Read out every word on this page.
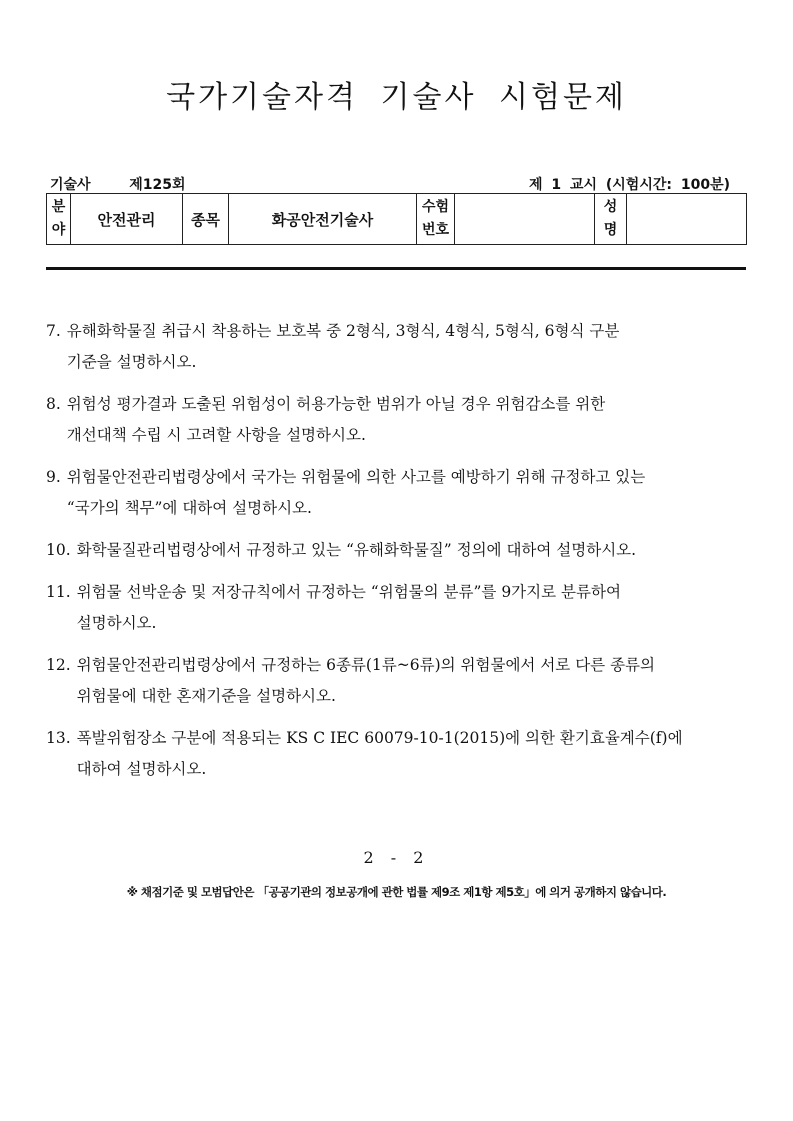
국가기술자격 기술사 시험문제
기술사   제125회	제 1 교시 (시험시간: 100분)
분야	안전관리	종목	화공안전기술사	수험번호		성명	
7. 유해화학물질 취급시 착용하는 보호복 중 2형식, 3형식, 4형식, 5형식, 6형식 구분
기준을 설명하시오.
8. 위험성 평가결과 도출된 위험성이 허용가능한 범위가 아닐 경우 위험감소를 위한
개선대책 수립 시 고려할 사항을 설명하시오.
9. 위험물안전관리법령상에서 국가는 위험물에 의한 사고를 예방하기 위해 규정하고 있는
“국가의 책무”에 대하여 설명하시오.
10. 화학물질관리법령상에서 규정하고 있는 “유해화학물질” 정의에 대하여 설명하시오.
11. 위험물 선박운송 및 저장규칙에서 규정하는 “위험물의 분류”를 9가지로 분류하여
설명하시오.
12. 위험물안전관리법령상에서 규정하는 6종류(1류~6류)의 위험물에서 서로 다른 종류의
위험물에 대한 혼재기준을 설명하시오.
13. 폭발위험장소 구분에 적용되는 KS C IEC 60079-10-1(2015)에 의한 환기효율계수(f)에
대하여 설명하시오.
2 - 2
※ 채점기준 및 모범답안은 「공공기관의 정보공개에 관한 법률 제9조 제1항 제5호」에 의거 공개하지 않습니다.
